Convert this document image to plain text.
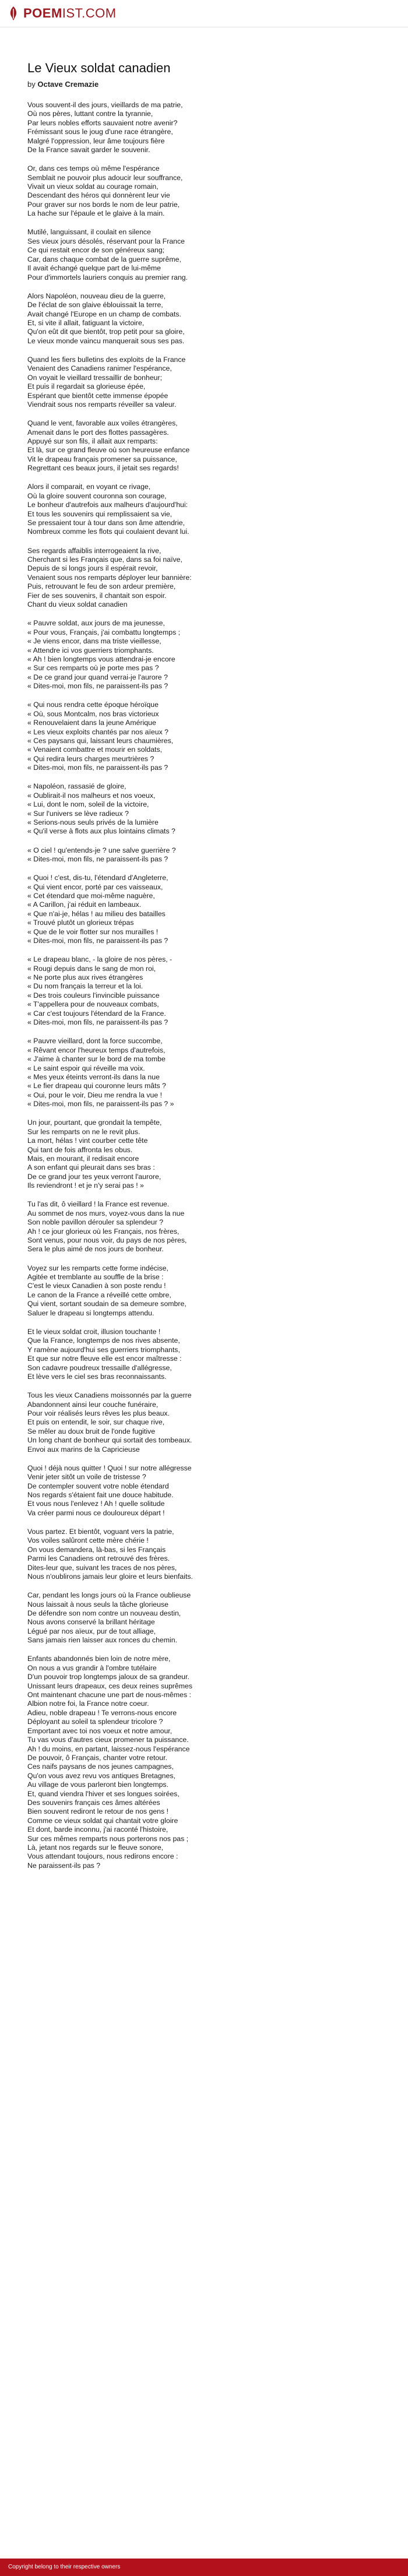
POEMIST.COM
Le Vieux soldat canadien
by Octave Cremazie
Vous souvent-il des jours, vieillards de ma patrie,
Où nos pères, luttant contre la tyrannie,
Par leurs nobles efforts sauvaient notre avenir?
Frémissant sous le joug d'une race étrangère,
Malgré l'oppression, leur âme toujours fière
De la France savait garder le souvenir.
Or, dans ces temps où même l'espérance
Semblait ne pouvoir plus adoucir leur souffrance,
Vivait un vieux soldat au courage romain,
Descendant des héros qui donnèrent leur vie
Pour graver sur nos bords le nom de leur patrie,
La hache sur l'épaule et le glaive à la main.
Mutilé, languissant, il coulait en silence
Ses vieux jours désolés, réservant pour la France
Ce qui restait encor de son généreux sang;
Car, dans chaque combat de la guerre suprême,
Il avait échangé quelque part de lui-même
Pour d'immortels lauriers conquis au premier rang.
Alors Napoléon, nouveau dieu de la guerre,
De l'éclat de son glaive éblouissait la terre,
Avait changé l'Europe en un champ de combats.
Et, si vite il allait, fatiguant la victoire,
Qu'on eût dit que bientôt, trop petit pour sa gloire,
Le vieux monde vaincu manquerait sous ses pas.
Quand les fiers bulletins des exploits de la France
Venaient des Canadiens ranimer l'espérance,
On voyait le vieillard tressaillir de bonheur;
Et puis il regardait sa glorieuse épée,
Espérant que bientôt cette immense épopée
Viendrait sous nos remparts réveiller sa valeur.
Quand le vent, favorable aux voiles étrangères,
Amenait dans le port des flottes passagères.
Appuyé sur son fils, il allait aux remparts:
Et là, sur ce grand fleuve où son heureuse enfance
Vit le drapeau français promener sa puissance,
Regrettant ces beaux jours, il jetait ses regards!
Alors il comparait, en voyant ce rivage,
Où la gloire souvent couronna son courage,
Le bonheur d'autrefois aux malheurs d'aujourd'hui:
Et tous les souvenirs qui remplissaient sa vie,
Se pressaient tour à tour dans son âme attendrie,
Nombreux comme les flots qui coulaient devant lui.
Ses regards affaiblis interrogeaient la rive,
Cherchant si les Français que, dans sa foi naïve,
Depuis de si longs jours il espérait revoir,
Venaient sous nos remparts déployer leur bannière:
Puis, retrouvant le feu de son ardeur première,
Fier de ses souvenirs, il chantait son espoir.
Chant du vieux soldat canadien
« Pauvre soldat, aux jours de ma jeunesse,
« Pour vous, Français, j'ai combattu longtemps ;
« Je viens encor, dans ma triste vieillesse,
« Attendre ici vos guerriers triomphants.
« Ah ! bien longtemps vous attendrai-je encore
« Sur ces remparts où je porte mes pas ?
« De ce grand jour quand verrai-je l'aurore ?
« Dites-moi, mon fils, ne paraissent-ils pas ?
« Qui nous rendra cette époque héroïque
« Où, sous Montcalm, nos bras victorieux
« Renouvelaient dans la jeune Amérique
« Les vieux exploits chantés par nos aïeux ?
« Ces paysans qui, laissant leurs chaumières,
« Venaient combattre et mourir en soldats,
« Qui redira leurs charges meurtrières ?
« Dites-moi, mon fils, ne paraissent-ils pas ?
« Napoléon, rassasié de gloire,
« Oublirait-il nos malheurs et nos voeux,
« Lui, dont le nom, soleil de la victoire,
« Sur l'univers se lève radieux ?
« Serions-nous seuls privés de la lumière
« Qu'il verse à flots aux plus lointains climats ?
« O ciel ! qu'entends-je ? une salve guerrière ?
« Dites-moi, mon fils, ne paraissent-ils pas ?
« Quoi ! c'est, dis-tu, l'étendard d'Angleterre,
« Qui vient encor, porté par ces vaisseaux,
« Cet étendard que moi-même naguère,
« A Carillon, j'ai réduit en lambeaux.
« Que n'ai-je, hélas ! au milieu des batailles
« Trouvé plutôt un glorieux trépas
« Que de le voir flotter sur nos murailles !
« Dites-moi, mon fils, ne paraissent-ils pas ?
« Le drapeau blanc, - la gloire de nos pères, -
« Rougi depuis dans le sang de mon roi,
« Ne porte plus aux rives étrangères
« Du nom français la terreur et la loi.
« Des trois couleurs l'invincible puissance
« T'appellera pour de nouveaux combats,
« Car c'est toujours l'étendard de la France.
« Dites-moi, mon fils, ne paraissent-ils pas ?
« Pauvre vieillard, dont la force succombe,
« Rêvant encor l'heureux temps d'autrefois,
« J'aime à chanter sur le bord de ma tombe
« Le saint espoir qui réveille ma voix.
« Mes yeux éteints verront-ils dans la nue
« Le fier drapeau qui couronne leurs mâts ?
« Oui, pour le voir, Dieu me rendra la vue !
« Dites-moi, mon fils, ne paraissent-ils pas ? »
Un jour, pourtant, que grondait la tempête,
Sur les remparts on ne le revit plus.
La mort, hélas ! vint courber cette tête
Qui tant de fois affronta les obus.
Mais, en mourant, il redisait encore
A son enfant qui pleurait dans ses bras :
De ce grand jour tes yeux verront l'aurore,
Ils reviendront ! et je n'y serai pas ! »
Tu l'as dit, ô vieillard ! la France est revenue.
Au sommet de nos murs, voyez-vous dans la nue
Son noble pavillon dérouler sa splendeur ?
Ah ! ce jour glorieux où les Français, nos frères,
Sont venus, pour nous voir, du pays de nos pères,
Sera le plus aimé de nos jours de bonheur.
Voyez sur les remparts cette forme indécise,
Agitée et tremblante au souffle de la brise :
C'est le vieux Canadien à son poste rendu !
Le canon de la France a réveillé cette ombre,
Qui vient, sortant soudain de sa demeure sombre,
Saluer le drapeau si longtemps attendu.
Et le vieux soldat croit, illusion touchante !
Que la France, longtemps de nos rives absente,
Y ramène aujourd'hui ses guerriers triomphants,
Et que sur notre fleuve elle est encor maîtresse :
Son cadavre poudreux tressaille d'allégresse,
Et lève vers le ciel ses bras reconnaissants.
Tous les vieux Canadiens moissonnés par la guerre
Abandonnent ainsi leur couche funéraire,
Pour voir réalisés leurs rêves les plus beaux.
Et puis on entendit, le soir, sur chaque rive,
Se mêler au doux bruit de l'onde fugitive
Un long chant de bonheur qui sortait des tombeaux.
Envoi aux marins de la Capricieuse
Quoi ! déjà nous quitter ! Quoi ! sur notre allégresse
Venir jeter sitôt un voile de tristesse ?
De contempler souvent votre noble étendard
Nos regards s'étaient fait une douce habitude.
Et vous nous l'enlevez ! Ah ! quelle solitude
Va créer parmi nous ce douloureux départ !
Vous partez. Et bientôt, voguant vers la patrie,
Vos voiles salûront cette mère chérie !
On vous demandera, là-bas, si les Français
Parmi les Canadiens ont retrouvé des frères.
Dites-leur que, suivant les traces de nos pères,
Nous n'oublirons jamais leur gloire et leurs bienfaits.
Car, pendant les longs jours où la France oublieuse
Nous laissait à nous seuls la tâche glorieuse
De défendre son nom contre un nouveau destin,
Nous avons conservé la brillant héritage
Légué par nos aïeux, pur de tout alliage,
Sans jamais rien laisser aux ronces du chemin.
Enfants abandonnés bien loin de notre mère,
On nous a vus grandir à l'ombre tutélaire
D'un pouvoir trop longtemps jaloux de sa grandeur.
Unissant leurs drapeaux, ces deux reines suprêmes
Ont maintenant chacune une part de nous-mêmes :
Albion notre foi, la France notre coeur.
Adieu, noble drapeau ! Te verrons-nous encore
Déployant au soleil ta splendeur tricolore ?
Emportant avec toi nos voeux et notre amour,
Tu vas vous d'autres cieux promener ta puissance.
Ah ! du moins, en partant, laissez-nous l'espérance
De pouvoir, ô Français, chanter votre retour.
Ces naifs paysans de nos jeunes campagnes,
Qu'on vous avez revu vos antiques Bretagnes,
Au village de vous parleront bien longtemps.
Et, quand viendra l'hiver et ses longues soirées,
Des souvenirs français ces âmes altérées
Bien souvent rediront le retour de nos gens !
Comme ce vieux soldat qui chantait votre gloire
Et dont, barde inconnu, j'ai raconté l'histoire,
Sur ces mêmes remparts nous porterons nos pas ;
Là, jetant nos regards sur le fleuve sonore,
Vous attendant toujours, nous redirons encore :
Ne paraissent-ils pas ?
Copyright belong to their respective owners
